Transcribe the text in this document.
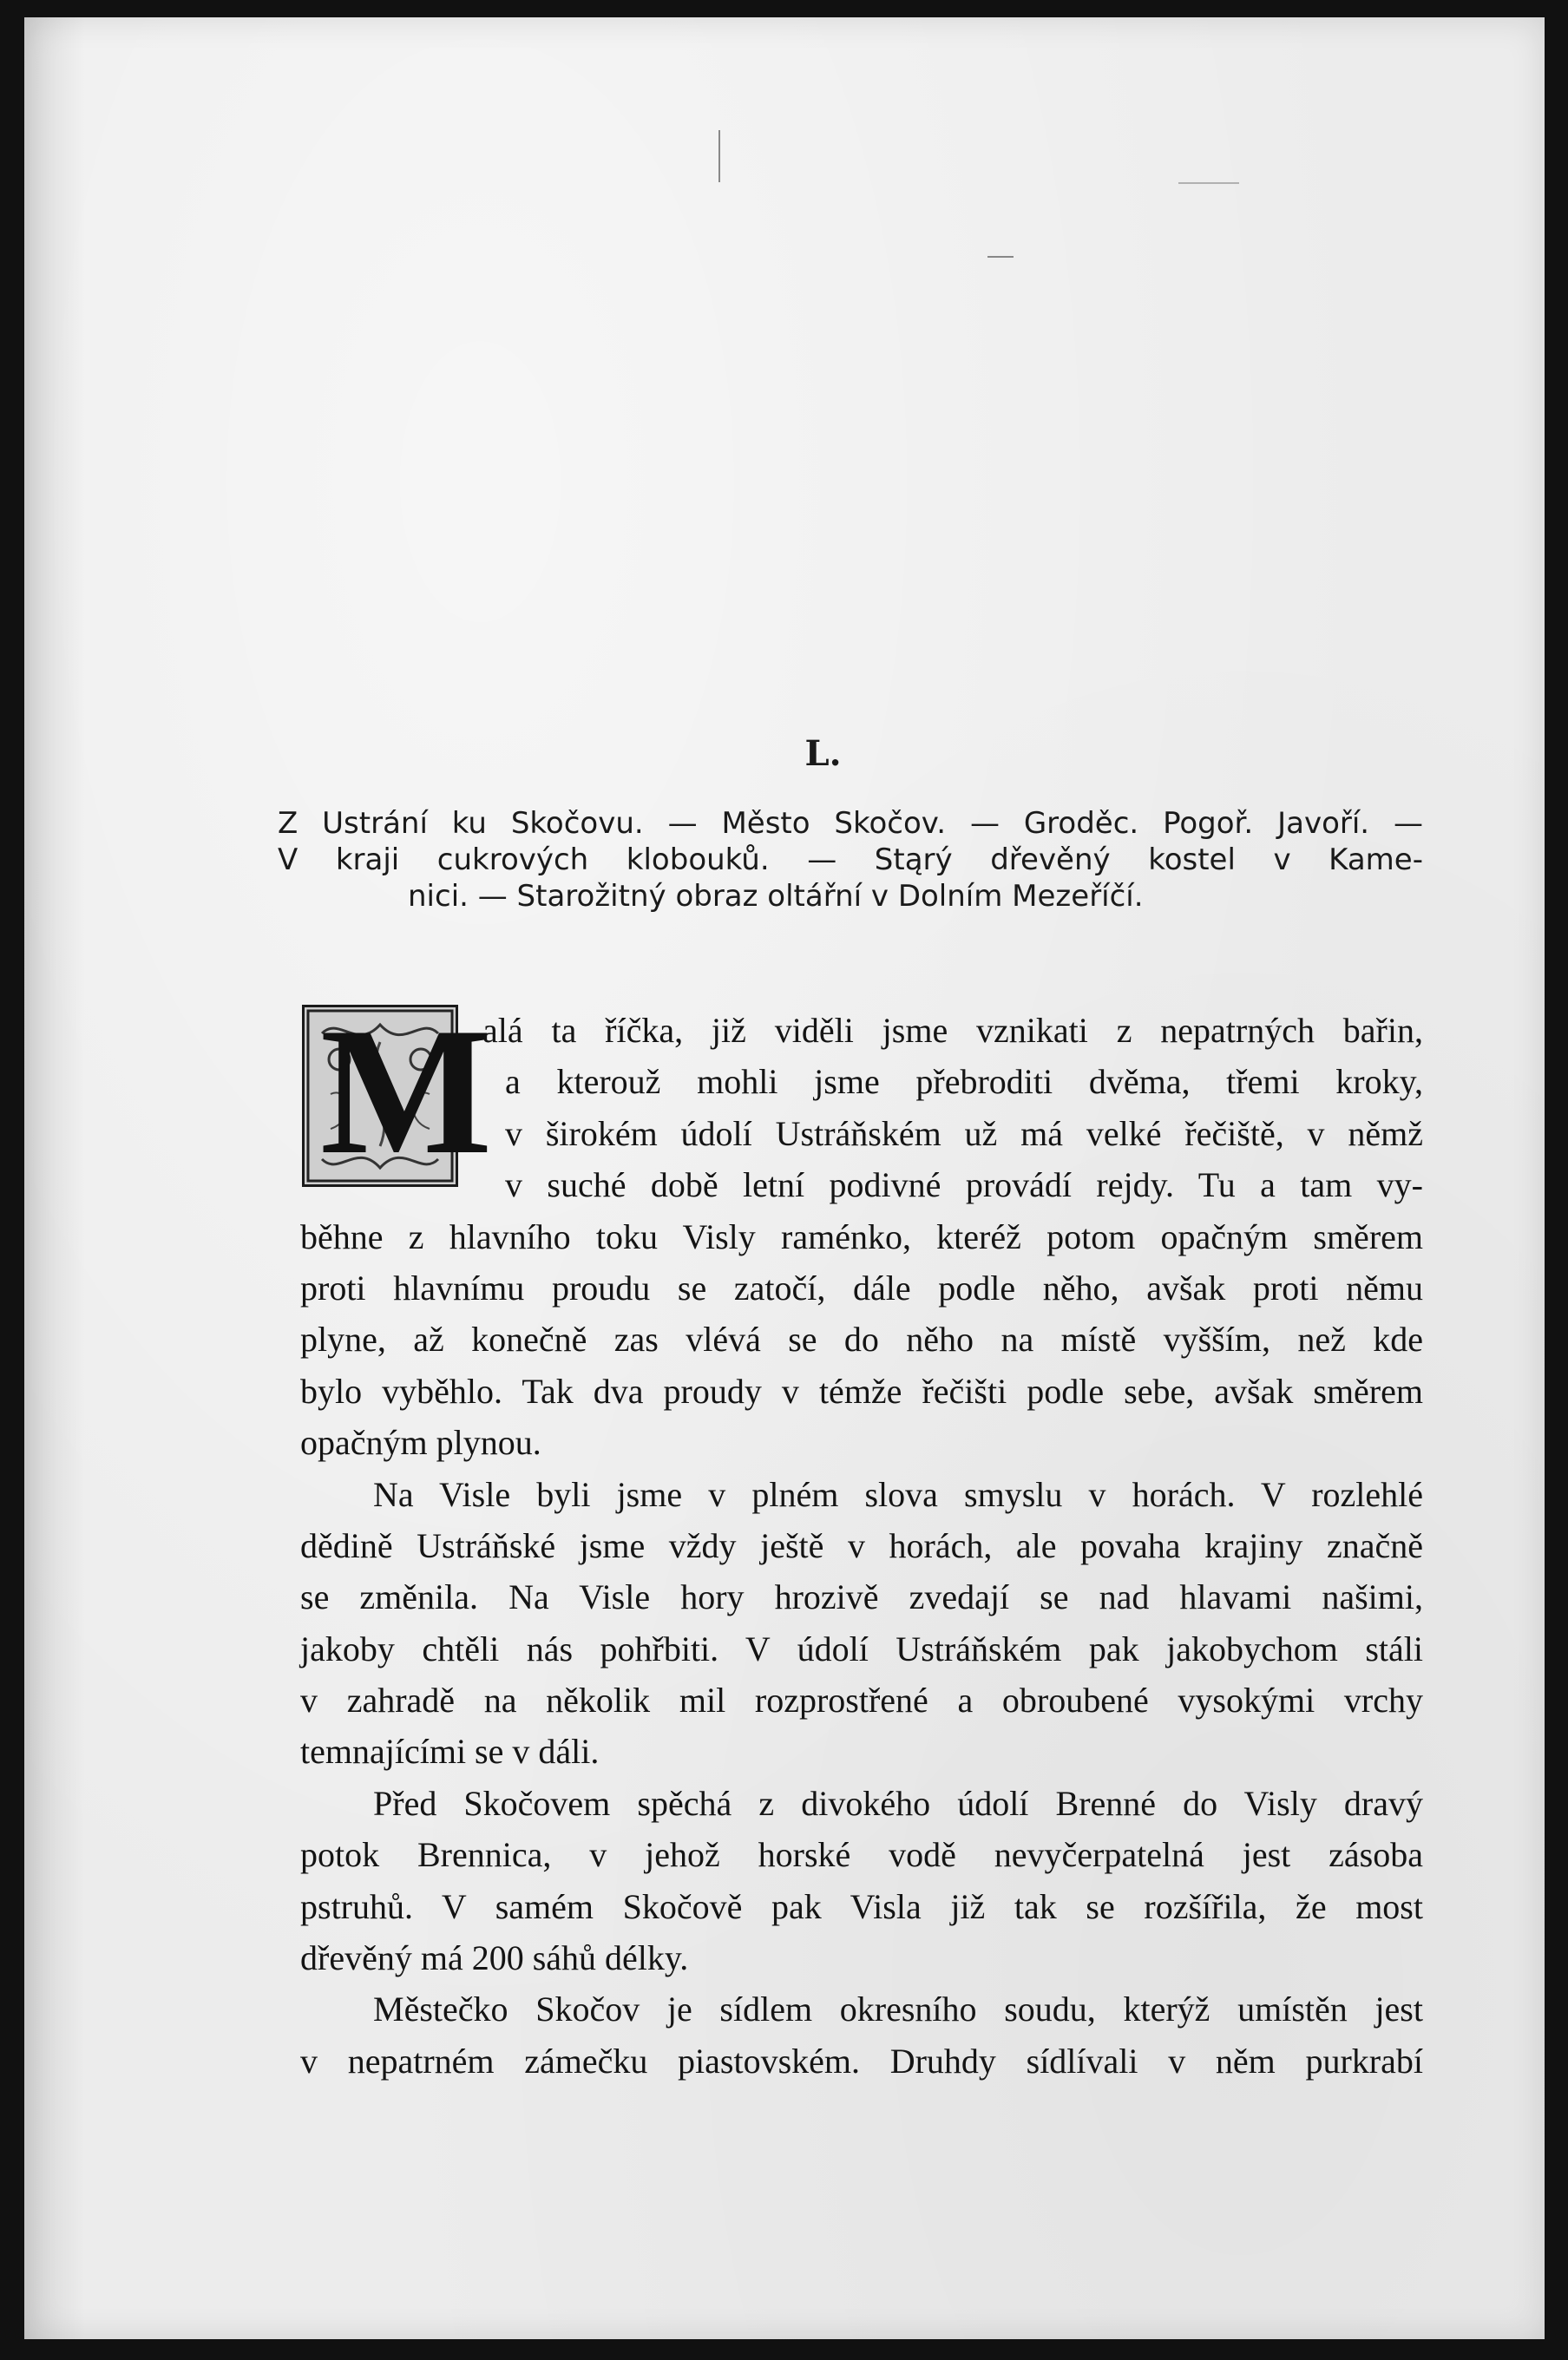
L.
Z Ustrání ku Skočovu. — Město Skočov. — Groděc. Pogoř. Javoří. —
V kraji cukrových klobouků. — Stąrý dřevěný kostel v Kame-
nici. — Starožitný obraz oltářní v Dolním Mezeříčí.
M
alá ta říčka, již viděli jsme vznikati z nepatrných bařin,
a kterouž mohli jsme přebroditi dvěma, třemi kroky,
v širokém údolí Ustráňském už má velké řečiště, v němž
v suché době letní podivné provádí rejdy. Tu a tam vy-
běhne z hlavního toku Visly raménko, kteréž potom opačným směrem
proti hlavnímu proudu se zatočí, dále podle něho, avšak proti němu
plyne, až konečně zas vlévá se do něho na místě vyšším, než kde
bylo vyběhlo. Tak dva proudy v témže řečišti podle sebe, avšak směrem
opačným plynou.
Na Visle byli jsme v plném slova smyslu v horách. V rozlehlé
dědině Ustráňské jsme vždy ještě v horách, ale povaha krajiny značně
se změnila. Na Visle hory hrozivě zvedají se nad hlavami našimi,
jakoby chtěli nás pohřbiti. V údolí Ustráňském pak jakobychom stáli
v zahradě na několik mil rozprostřené a obroubené vysokými vrchy
temnajícími se v dáli.
Před Skočovem spěchá z divokého údolí Brenné do Visly dravý
potok Brennica, v jehož horské vodě nevyčerpatelná jest zásoba
pstruhů. V samém Skočově pak Visla již tak se rozšířila, že most
dřevěný má 200 sáhů délky.
Městečko Skočov je sídlem okresního soudu, kterýž umístěn jest
v nepatrném zámečku piastovském. Druhdy sídlívali v něm purkrabí
